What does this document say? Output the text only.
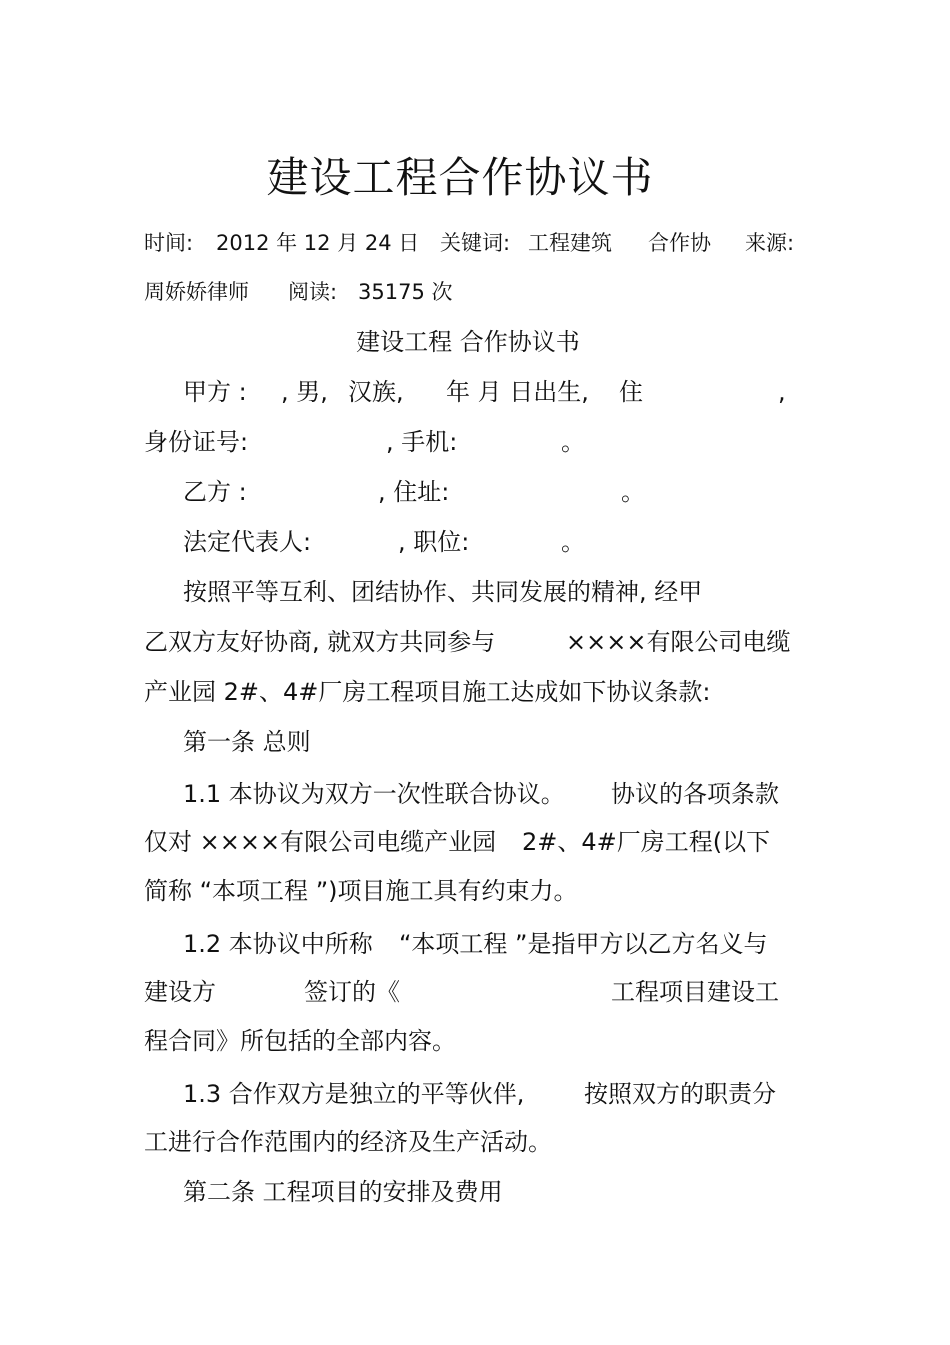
建设工程合作协议书
时间: 2012 年 12 月 24 日 关键词: 工程建筑 合作协 来源:
周娇娇律师 阅读: 35175 次
建设工程 合作协议书
甲方 : , 男, 汉族, 年 月 日出生, 住	,
身份证号:	, 手机:	。
乙方 :	, 住址:	。
法定代表人:	, 职位:	。
按照平等互利、团结协作、共同发展的精神, 经甲
乙双方友好协商, 就双方共同参与	××××有限公司电缆
产业园 2#、4#厂房工程项目施工达成如下协议条款:
第一条 总则
1.1 本协议为双方一次性联合协议。 协议的各项条款
仅对 ××××有限公司电缆产业园 2#、4#厂房工程(以下
简称 “本项工程 ”)项目施工具有约束力。
1.2 本协议中所称 “本项工程 ”是指甲方以乙方名义与
建设方	签订的《	工程项目建设工
程合同》所包括的全部内容。
1.3 合作双方是独立的平等伙伴, 按照双方的职责分
工进行合作范围内的经济及生产活动。
第二条 工程项目的安排及费用
